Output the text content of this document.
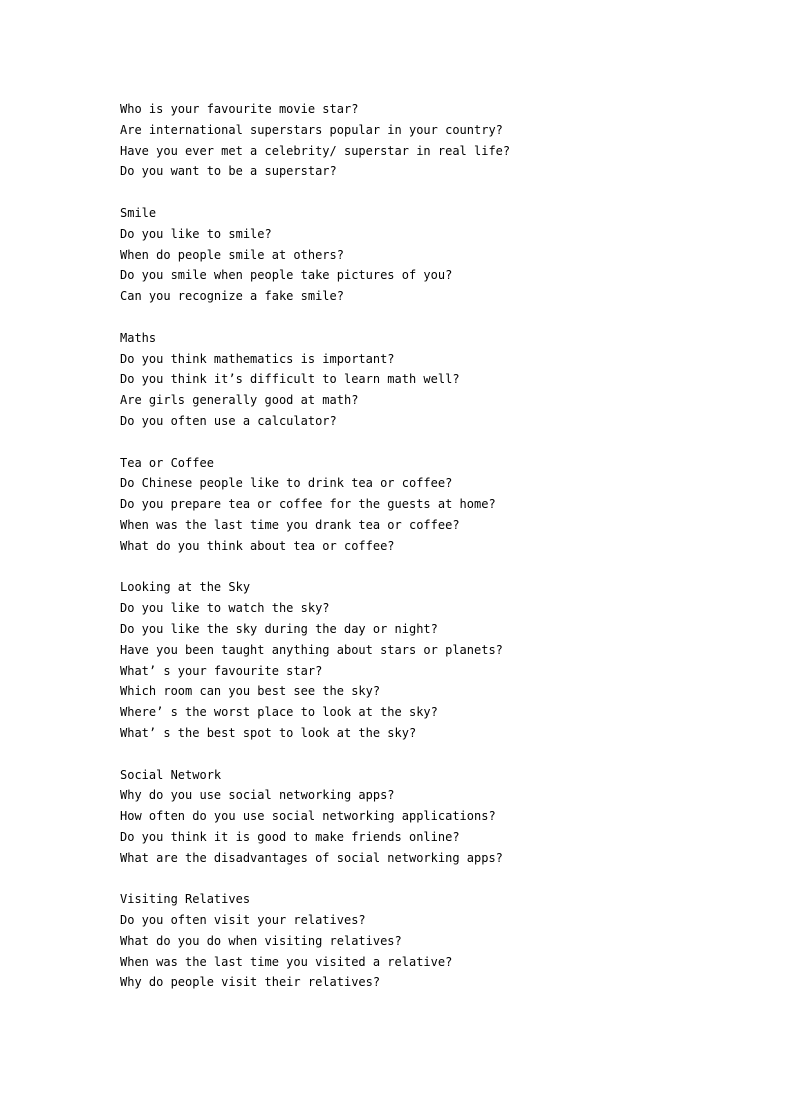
Who is your favourite movie star?
Are international superstars popular in your country?
Have you ever met a celebrity/ superstar in real life?
Do you want to be a superstar?
Smile
Do you like to smile?
When do people smile at others?
Do you smile when people take pictures of you?
Can you recognize a fake smile?
Maths
Do you think mathematics is important?
Do you think it’s difficult to learn math well?
Are girls generally good at math?
Do you often use a calculator?
Tea or Coffee
Do Chinese people like to drink tea or coffee?
Do you prepare tea or coffee for the guests at home?
When was the last time you drank tea or coffee?
What do you think about tea or coffee?
Looking at the Sky
Do you like to watch the sky?
Do you like the sky during the day or night?
Have you been taught anything about stars or planets?
What’ s your favourite star?
Which room can you best see the sky?
Where’ s the worst place to look at the sky?
What’ s the best spot to look at the sky?
Social Network
Why do you use social networking apps?
How often do you use social networking applications?
Do you think it is good to make friends online?
What are the disadvantages of social networking apps?
Visiting Relatives
Do you often visit your relatives?
What do you do when visiting relatives?
When was the last time you visited a relative?
Why do people visit their relatives?
